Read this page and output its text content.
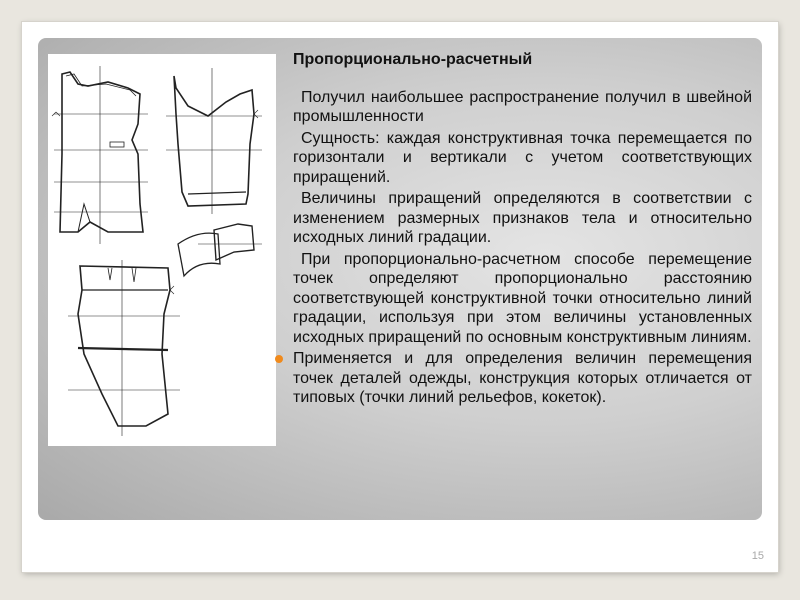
Пропорционально-расчетный
Получил наибольшее распространение получил в швейной промышленности
Сущность: каждая конструктивная точка перемещается по горизонтали и вертикали с учетом соответствующих приращений.
Величины приращений определяются в соответствии с изменением размерных признаков тела и относительно исходных линий градации.
При пропорционально-расчетном способе перемещение точек определяют пропорционально расстоянию соответствующей конструктивной точки относительно линий градации, используя при этом величины установленных исходных приращений по основным конструктивным линиям.
Применяется и для определения величин перемещения точек деталей одежды, конструкция которых отличается от типовых (точки линий рельефов, кокеток).
15
